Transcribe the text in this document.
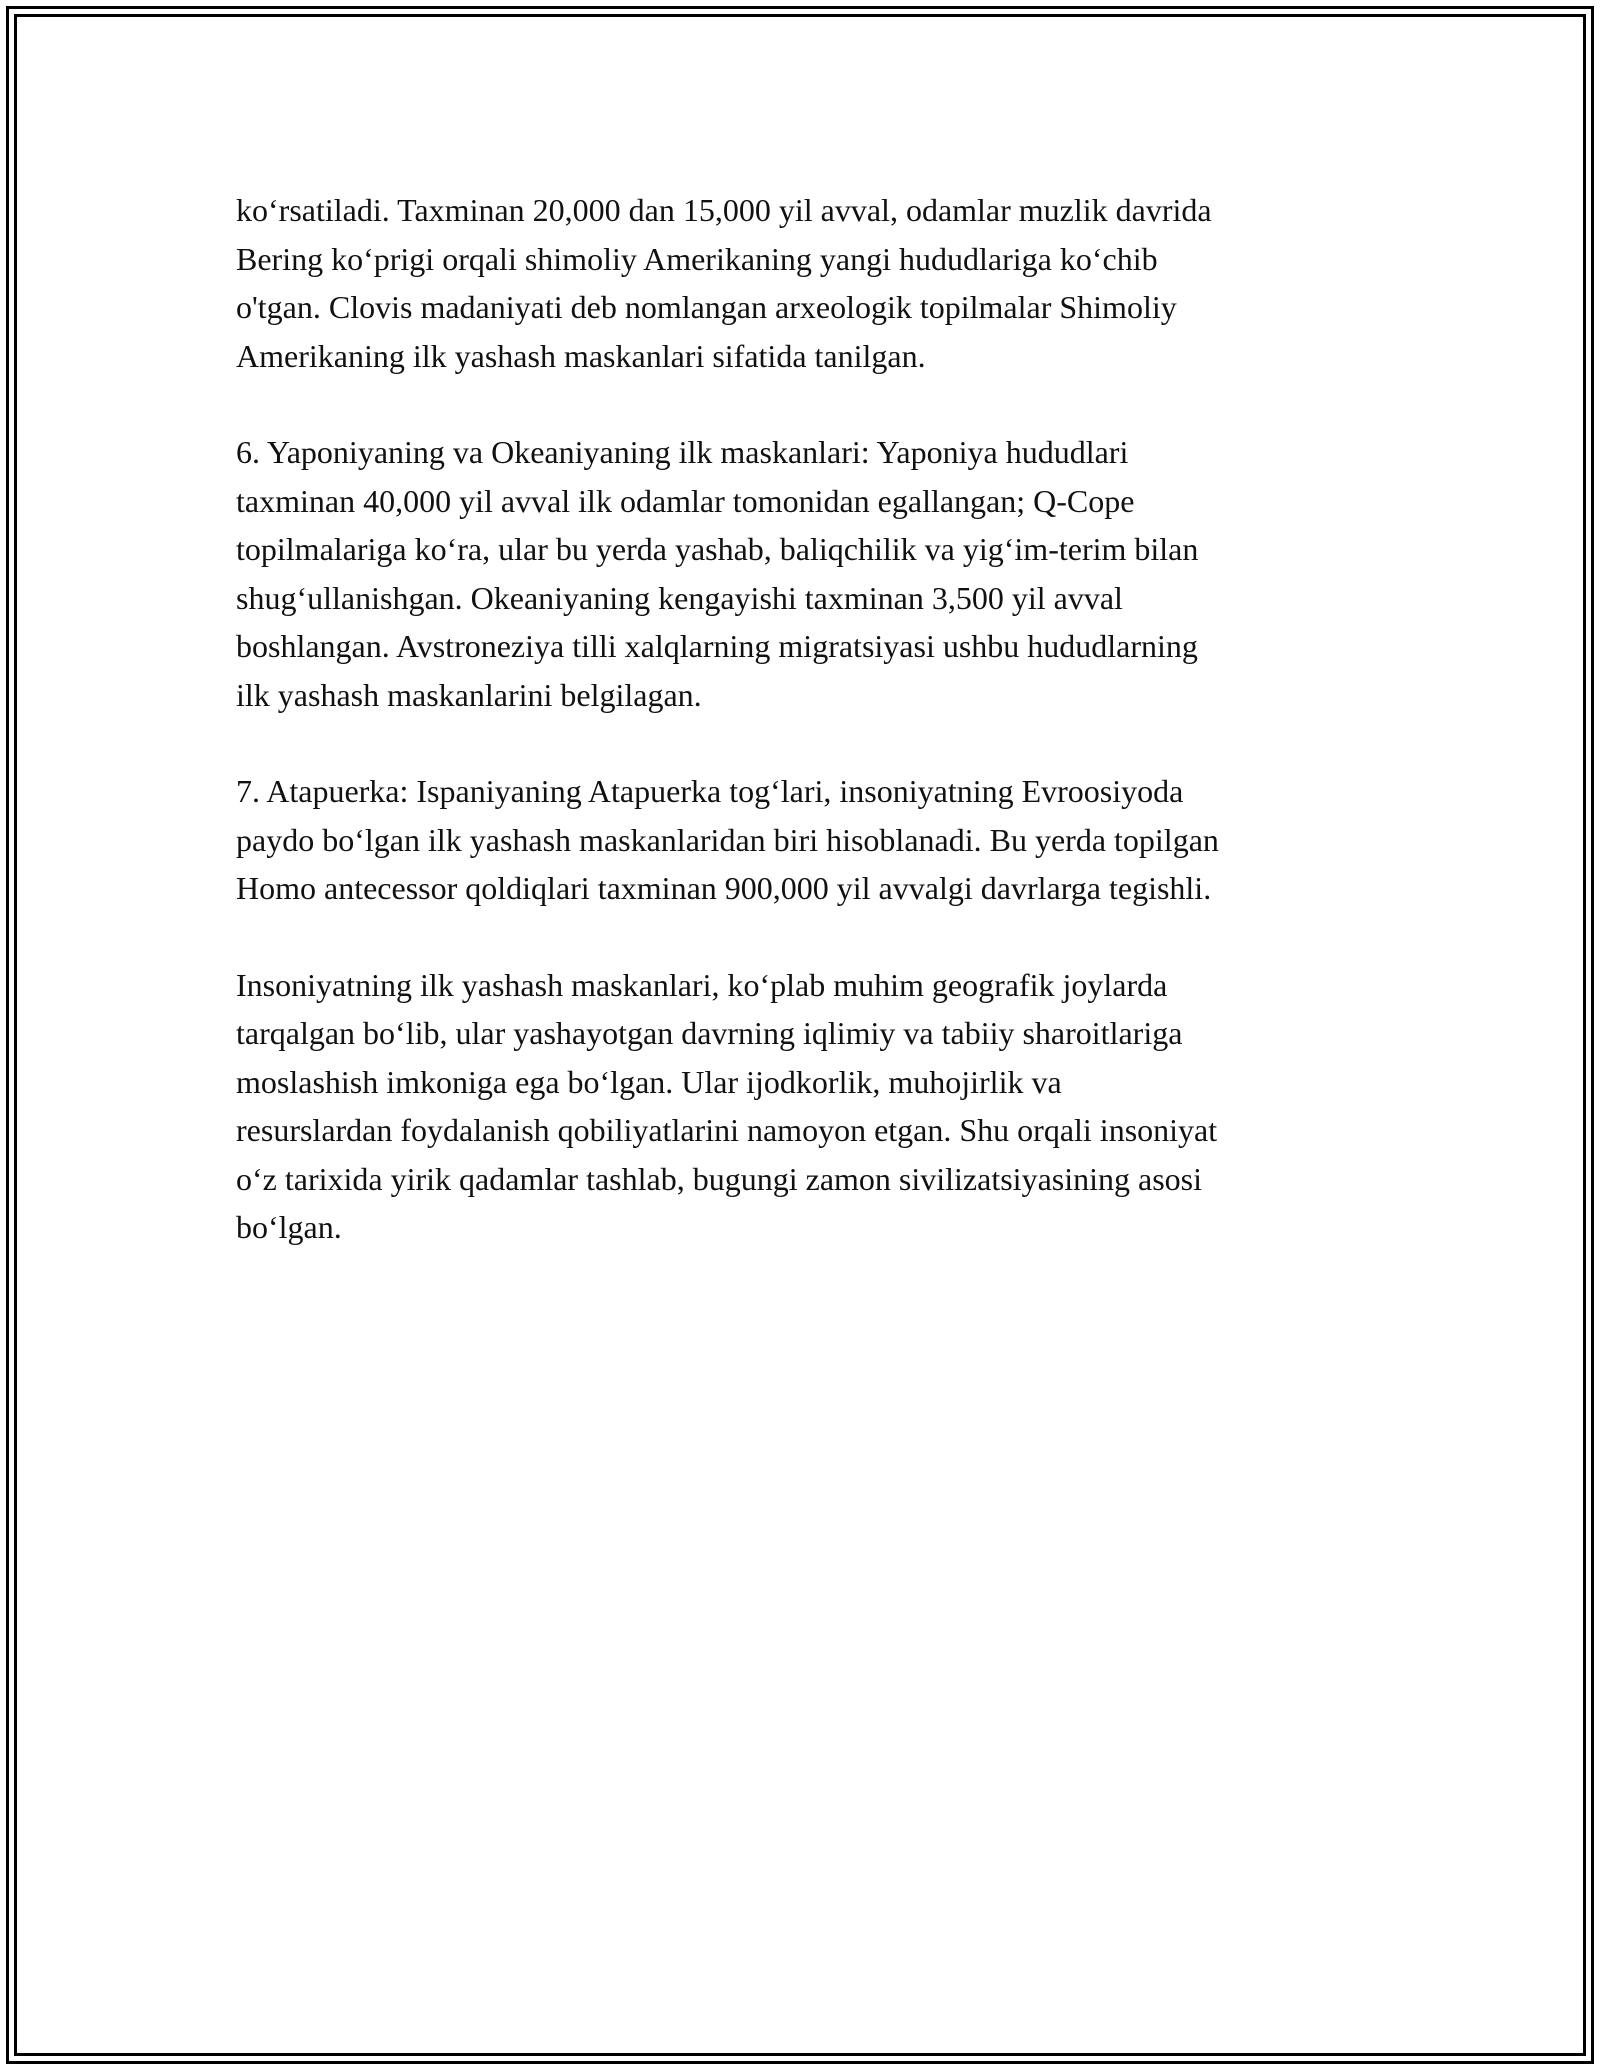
koʻrsatiladi. Taxminan 20,000 dan 15,000 yil avval, odamlar muzlik davrida
Bering koʻprigi orqali shimoliy Amerikaning yangi hududlariga koʻchib
o'tgan. Clovis madaniyati deb nomlangan arxeologik topilmalar Shimoliy
Amerikaning ilk yashash maskanlari sifatida tanilgan.

6. Yaponiyaning va Okeaniyaning ilk maskanlari: Yaponiya hududlari
taxminan 40,000 yil avval ilk odamlar tomonidan egallangan; Q-Cope
topilmalariga koʻra, ular bu yerda yashab, baliqchilik va yigʻim-terim bilan
shugʻullanishgan. Okeaniyaning kengayishi taxminan 3,500 yil avval
boshlangan. Avstroneziya tilli xalqlarning migratsiyasi ushbu hududlarning
ilk yashash maskanlarini belgilagan.

7. Atapuerka: Ispaniyaning Atapuerka togʻlari, insoniyatning Evroosiyoda
paydo boʻlgan ilk yashash maskanlaridan biri hisoblanadi. Bu yerda topilgan
Homo antecessor qoldiqlari taxminan 900,000 yil avvalgi davrlarga tegishli.

Insoniyatning ilk yashash maskanlari, koʻplab muhim geografik joylarda
tarqalgan boʻlib, ular yashayotgan davrning iqlimiy va tabiiy sharoitlariga
moslashish imkoniga ega boʻlgan. Ular ijodkorlik, muhojirlik va
resurslardan foydalanish qobiliyatlarini namoyon etgan. Shu orqali insoniyat
oʻz tarixida yirik qadamlar tashlab, bugungi zamon sivilizatsiyasining asosi
boʻlgan.
